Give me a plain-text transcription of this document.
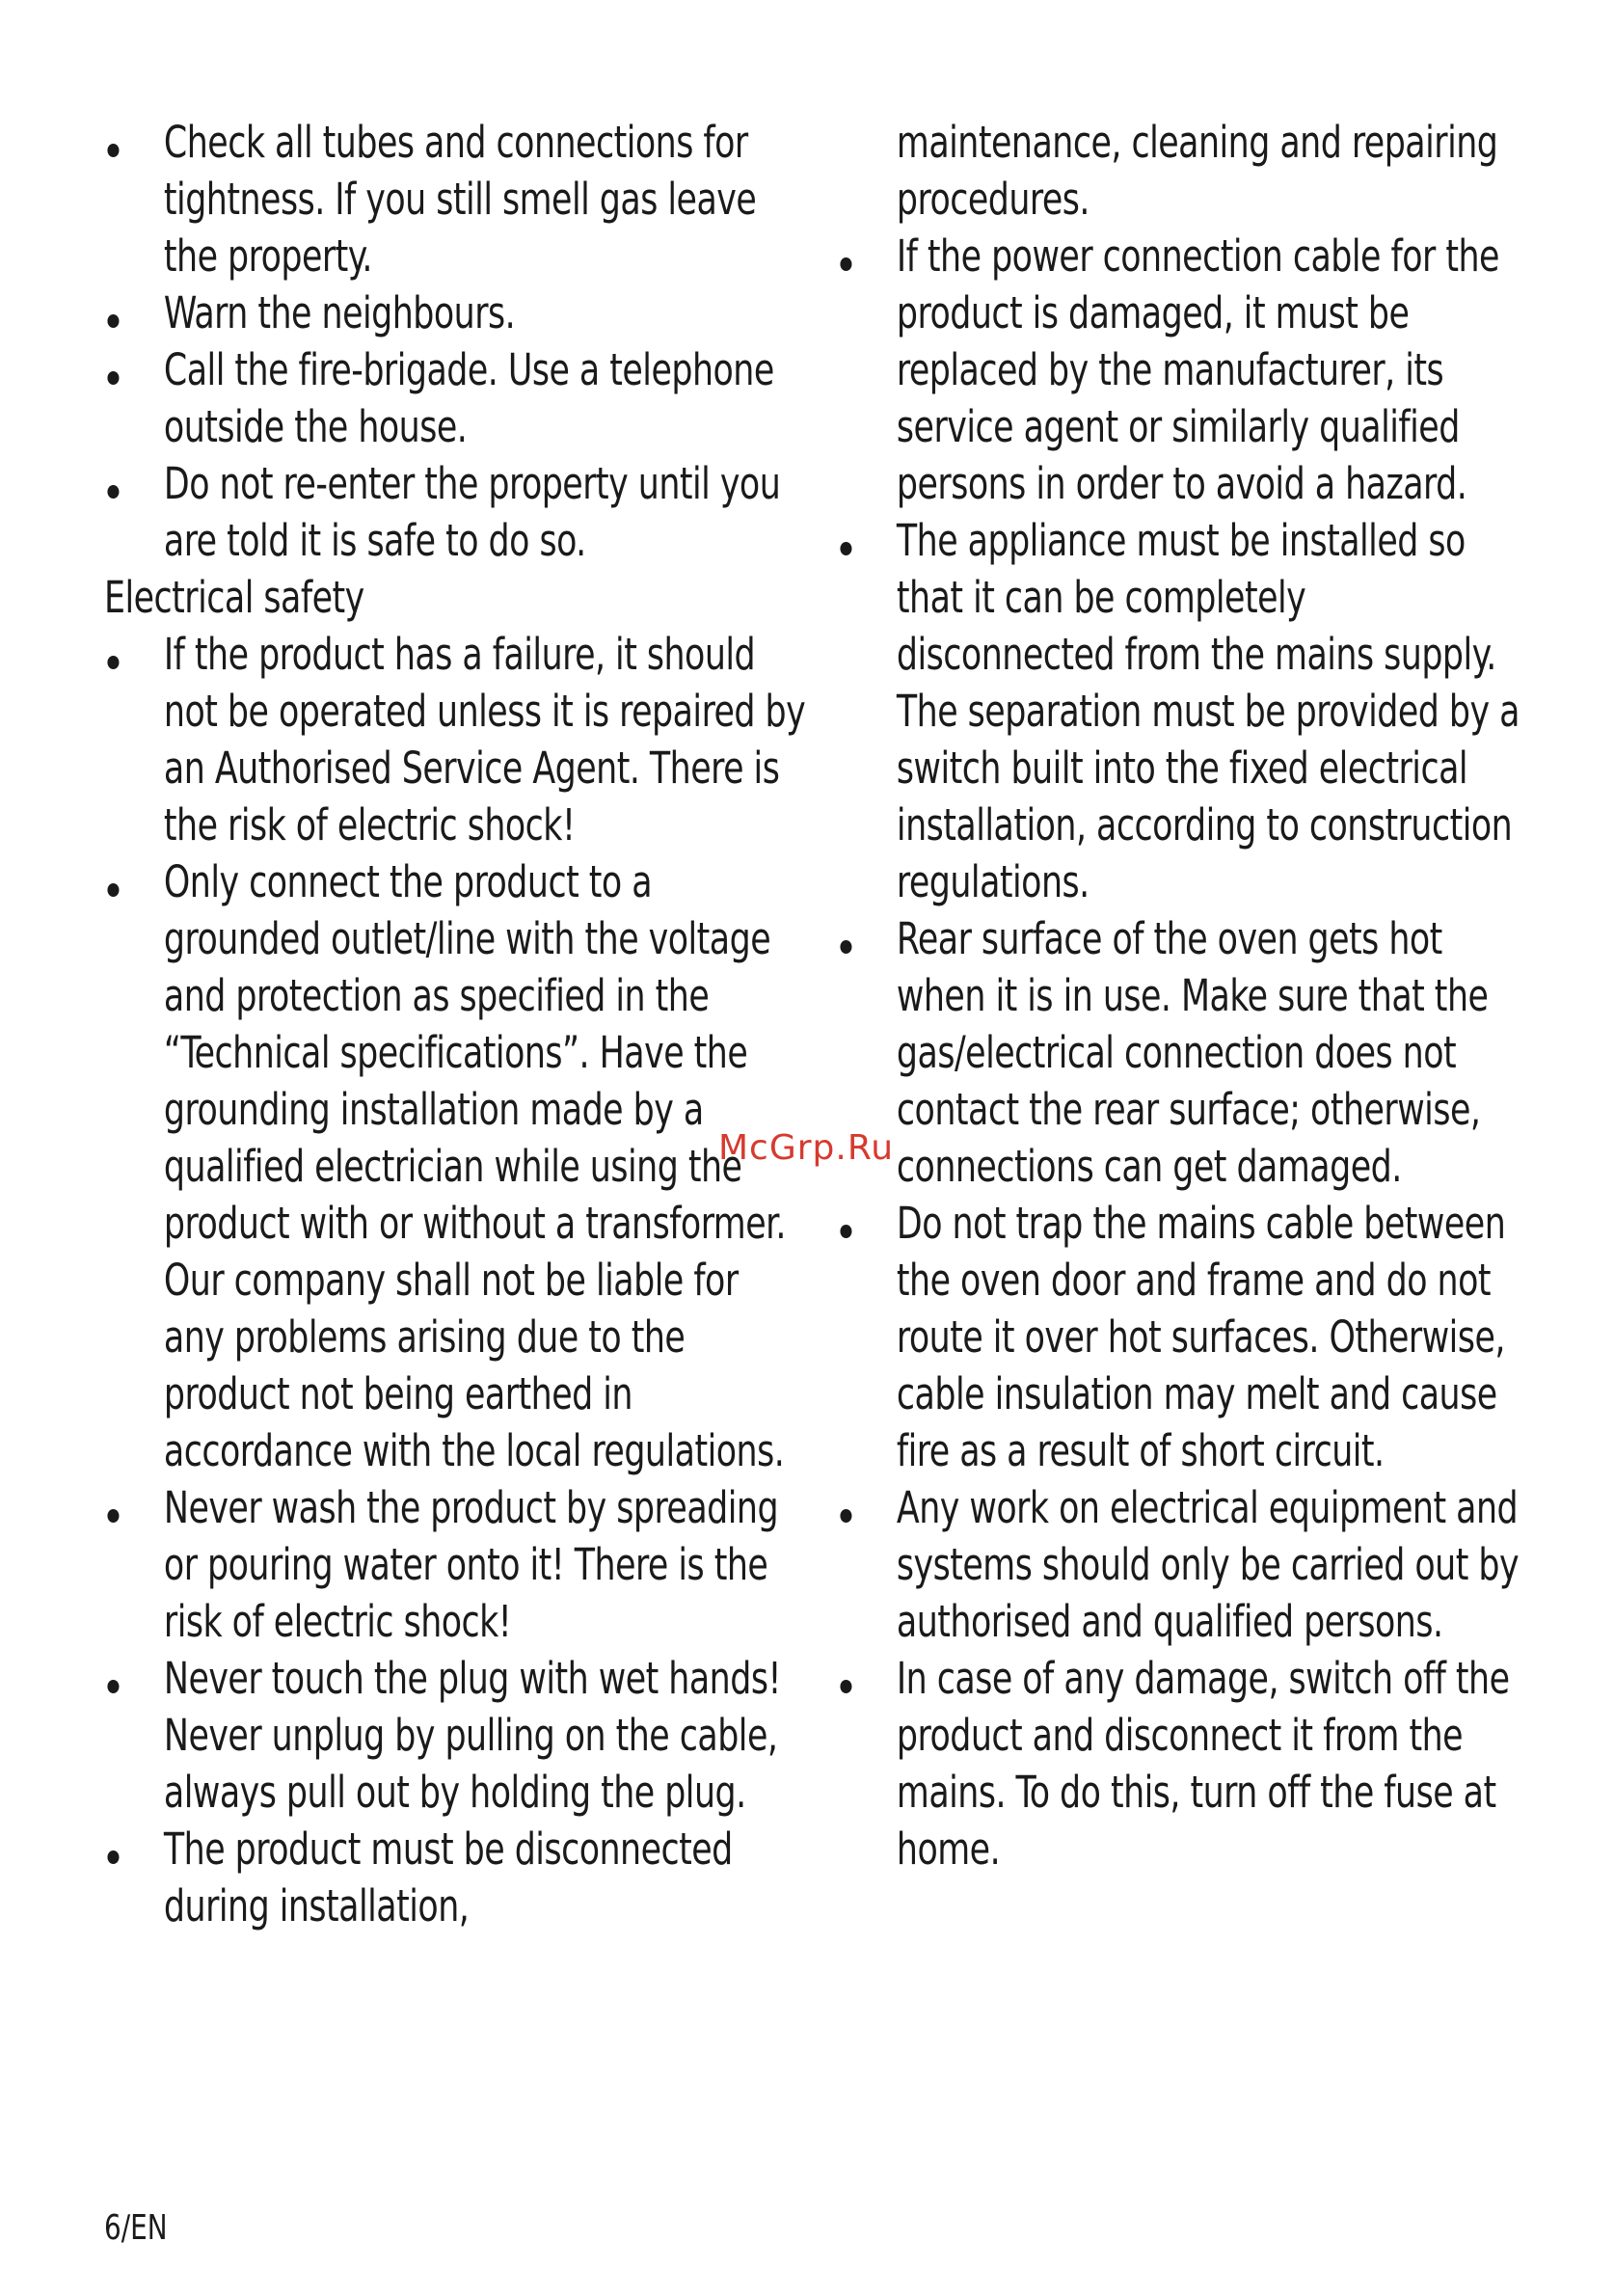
Check all tubes and connections for tightness. If you still smell gas leave the property.
Warn the neighbours.
Call the fire-brigade. Use a telephone outside the house.
Do not re-enter the property until you are told it is safe to do so.
Electrical safety
If the product has a failure, it should not be operated unless it is repaired by an Authorised Service Agent. There is the risk of electric shock!
Only connect the product to a grounded outlet/line with the voltage and protection as specified in the “Technical specifications”. Have the grounding installation made by a qualified electrician while using the product with or without a transformer. Our company shall not be liable for any problems arising due to the product not being earthed in accordance with the local regulations.
Never wash the product by spreading or pouring water onto it! There is the risk of electric shock!
Never touch the plug with wet hands! Never unplug by pulling on the cable, always pull out by holding the plug.
The product must be disconnected during installation,
maintenance, cleaning and repairing procedures.
If the power connection cable for the product is damaged, it must be replaced by the manufacturer, its service agent or similarly qualified persons in order to avoid a hazard.
The appliance must be installed so that it can be completely disconnected from the mains supply. The separation must be provided by a switch built into the fixed electrical installation, according to construction regulations.
Rear surface of the oven gets hot when it is in use. Make sure that the gas/electrical connection does not contact the rear surface; otherwise, connections can get damaged.
Do not trap the mains cable between the oven door and frame and do not route it over hot surfaces. Otherwise, cable insulation may melt and cause fire as a result of short circuit.
Any work on electrical equipment and systems should only be carried out by authorised and qualified persons.
In case of any damage, switch off the product and disconnect it from the mains. To do this, turn off the fuse at home.
McGrp.Ru
6/EN
